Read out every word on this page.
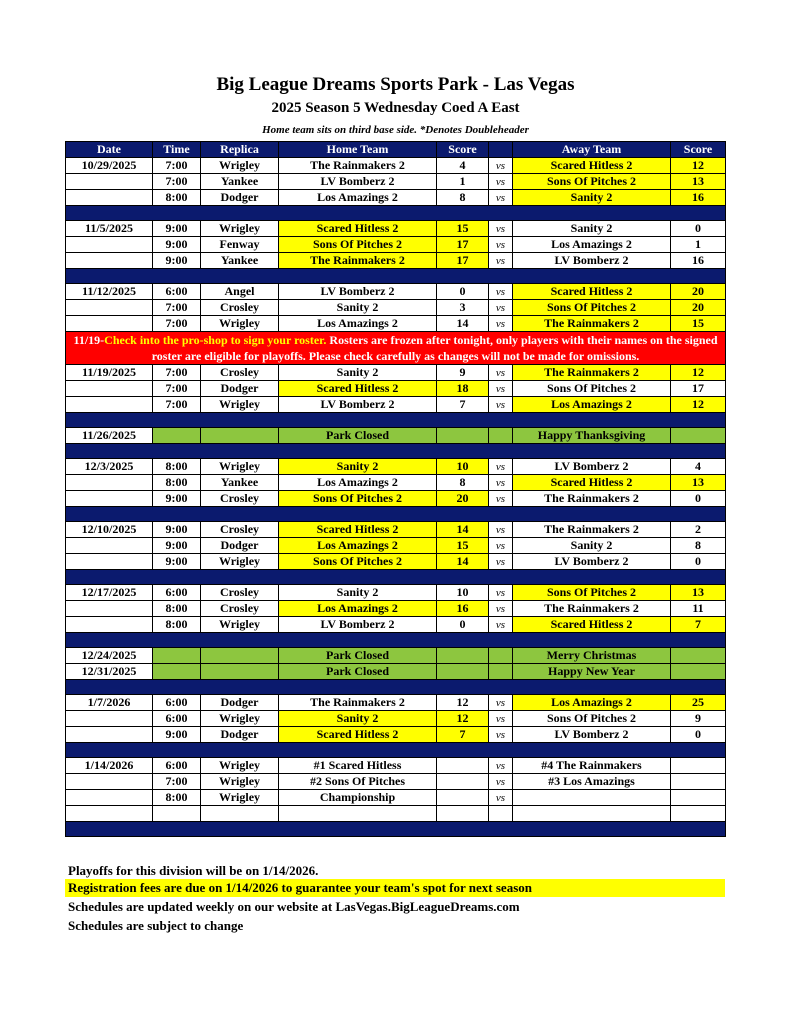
Big League Dreams Sports Park - Las Vegas
2025 Season 5 Wednesday Coed A East
Home team sits on third base side. *Denotes Doubleheader
Date	Time	Replica	Home Team	Score		Away Team	Score
10/29/2025	7:00	Wrigley	The Rainmakers 2	4	vs	Scared Hitless 2	12
	7:00	Yankee	LV Bomberz 2	1	vs	Sons Of Pitches 2	13
	8:00	Dodger	Los Amazings 2	8	vs	Sanity 2	16

11/5/2025	9:00	Wrigley	Scared Hitless 2	15	vs	Sanity 2	0
	9:00	Fenway	Sons Of Pitches 2	17	vs	Los Amazings 2	1
	9:00	Yankee	The Rainmakers 2	17	vs	LV Bomberz 2	16

11/12/2025	6:00	Angel	LV Bomberz 2	0	vs	Scared Hitless 2	20
	7:00	Crosley	Sanity 2	3	vs	Sons Of Pitches 2	20
	7:00	Wrigley	Los Amazings 2	14	vs	The Rainmakers 2	15
11/19-Check into the pro-shop to sign your roster. Rosters are frozen after tonight, only players with their names on the signed roster are eligible for playoffs. Please check carefully as changes will not be made for omissions.							
11/19/2025	7:00	Crosley	Sanity 2	9	vs	The Rainmakers 2	12
	7:00	Dodger	Scared Hitless 2	18	vs	Sons Of Pitches 2	17
	7:00	Wrigley	LV Bomberz 2	7	vs	Los Amazings 2	12

11/26/2025			Park Closed			Happy Thanksgiving	

12/3/2025	8:00	Wrigley	Sanity 2	10	vs	LV Bomberz 2	4
	8:00	Yankee	Los Amazings 2	8	vs	Scared Hitless 2	13
	9:00	Crosley	Sons Of Pitches 2	20	vs	The Rainmakers 2	0

12/10/2025	9:00	Crosley	Scared Hitless 2	14	vs	The Rainmakers 2	2
	9:00	Dodger	Los Amazings 2	15	vs	Sanity 2	8
	9:00	Wrigley	Sons Of Pitches 2	14	vs	LV Bomberz 2	0

12/17/2025	6:00	Crosley	Sanity 2	10	vs	Sons Of Pitches 2	13
	8:00	Crosley	Los Amazings 2	16	vs	The Rainmakers 2	11
	8:00	Wrigley	LV Bomberz 2	0	vs	Scared Hitless 2	7

12/24/2025			Park Closed			Merry Christmas	
12/31/2025			Park Closed			Happy New Year	

1/7/2026	6:00	Dodger	The Rainmakers 2	12	vs	Los Amazings 2	25
	6:00	Wrigley	Sanity 2	12	vs	Sons Of Pitches 2	9
	9:00	Dodger	Scared Hitless 2	7	vs	LV Bomberz 2	0

1/14/2026	6:00	Wrigley	#1 Scared Hitless		vs	#4 The Rainmakers	
	7:00	Wrigley	#2 Sons Of Pitches		vs	#3 Los Amazings	
	8:00	Wrigley	Championship		vs		

Playoffs for this division will be on 1/14/2026.
Registration fees are due on 1/14/2026 to guarantee your team's spot for next season
Schedules are updated weekly on our website at LasVegas.BigLeagueDreams.com
Schedules are subject to change
